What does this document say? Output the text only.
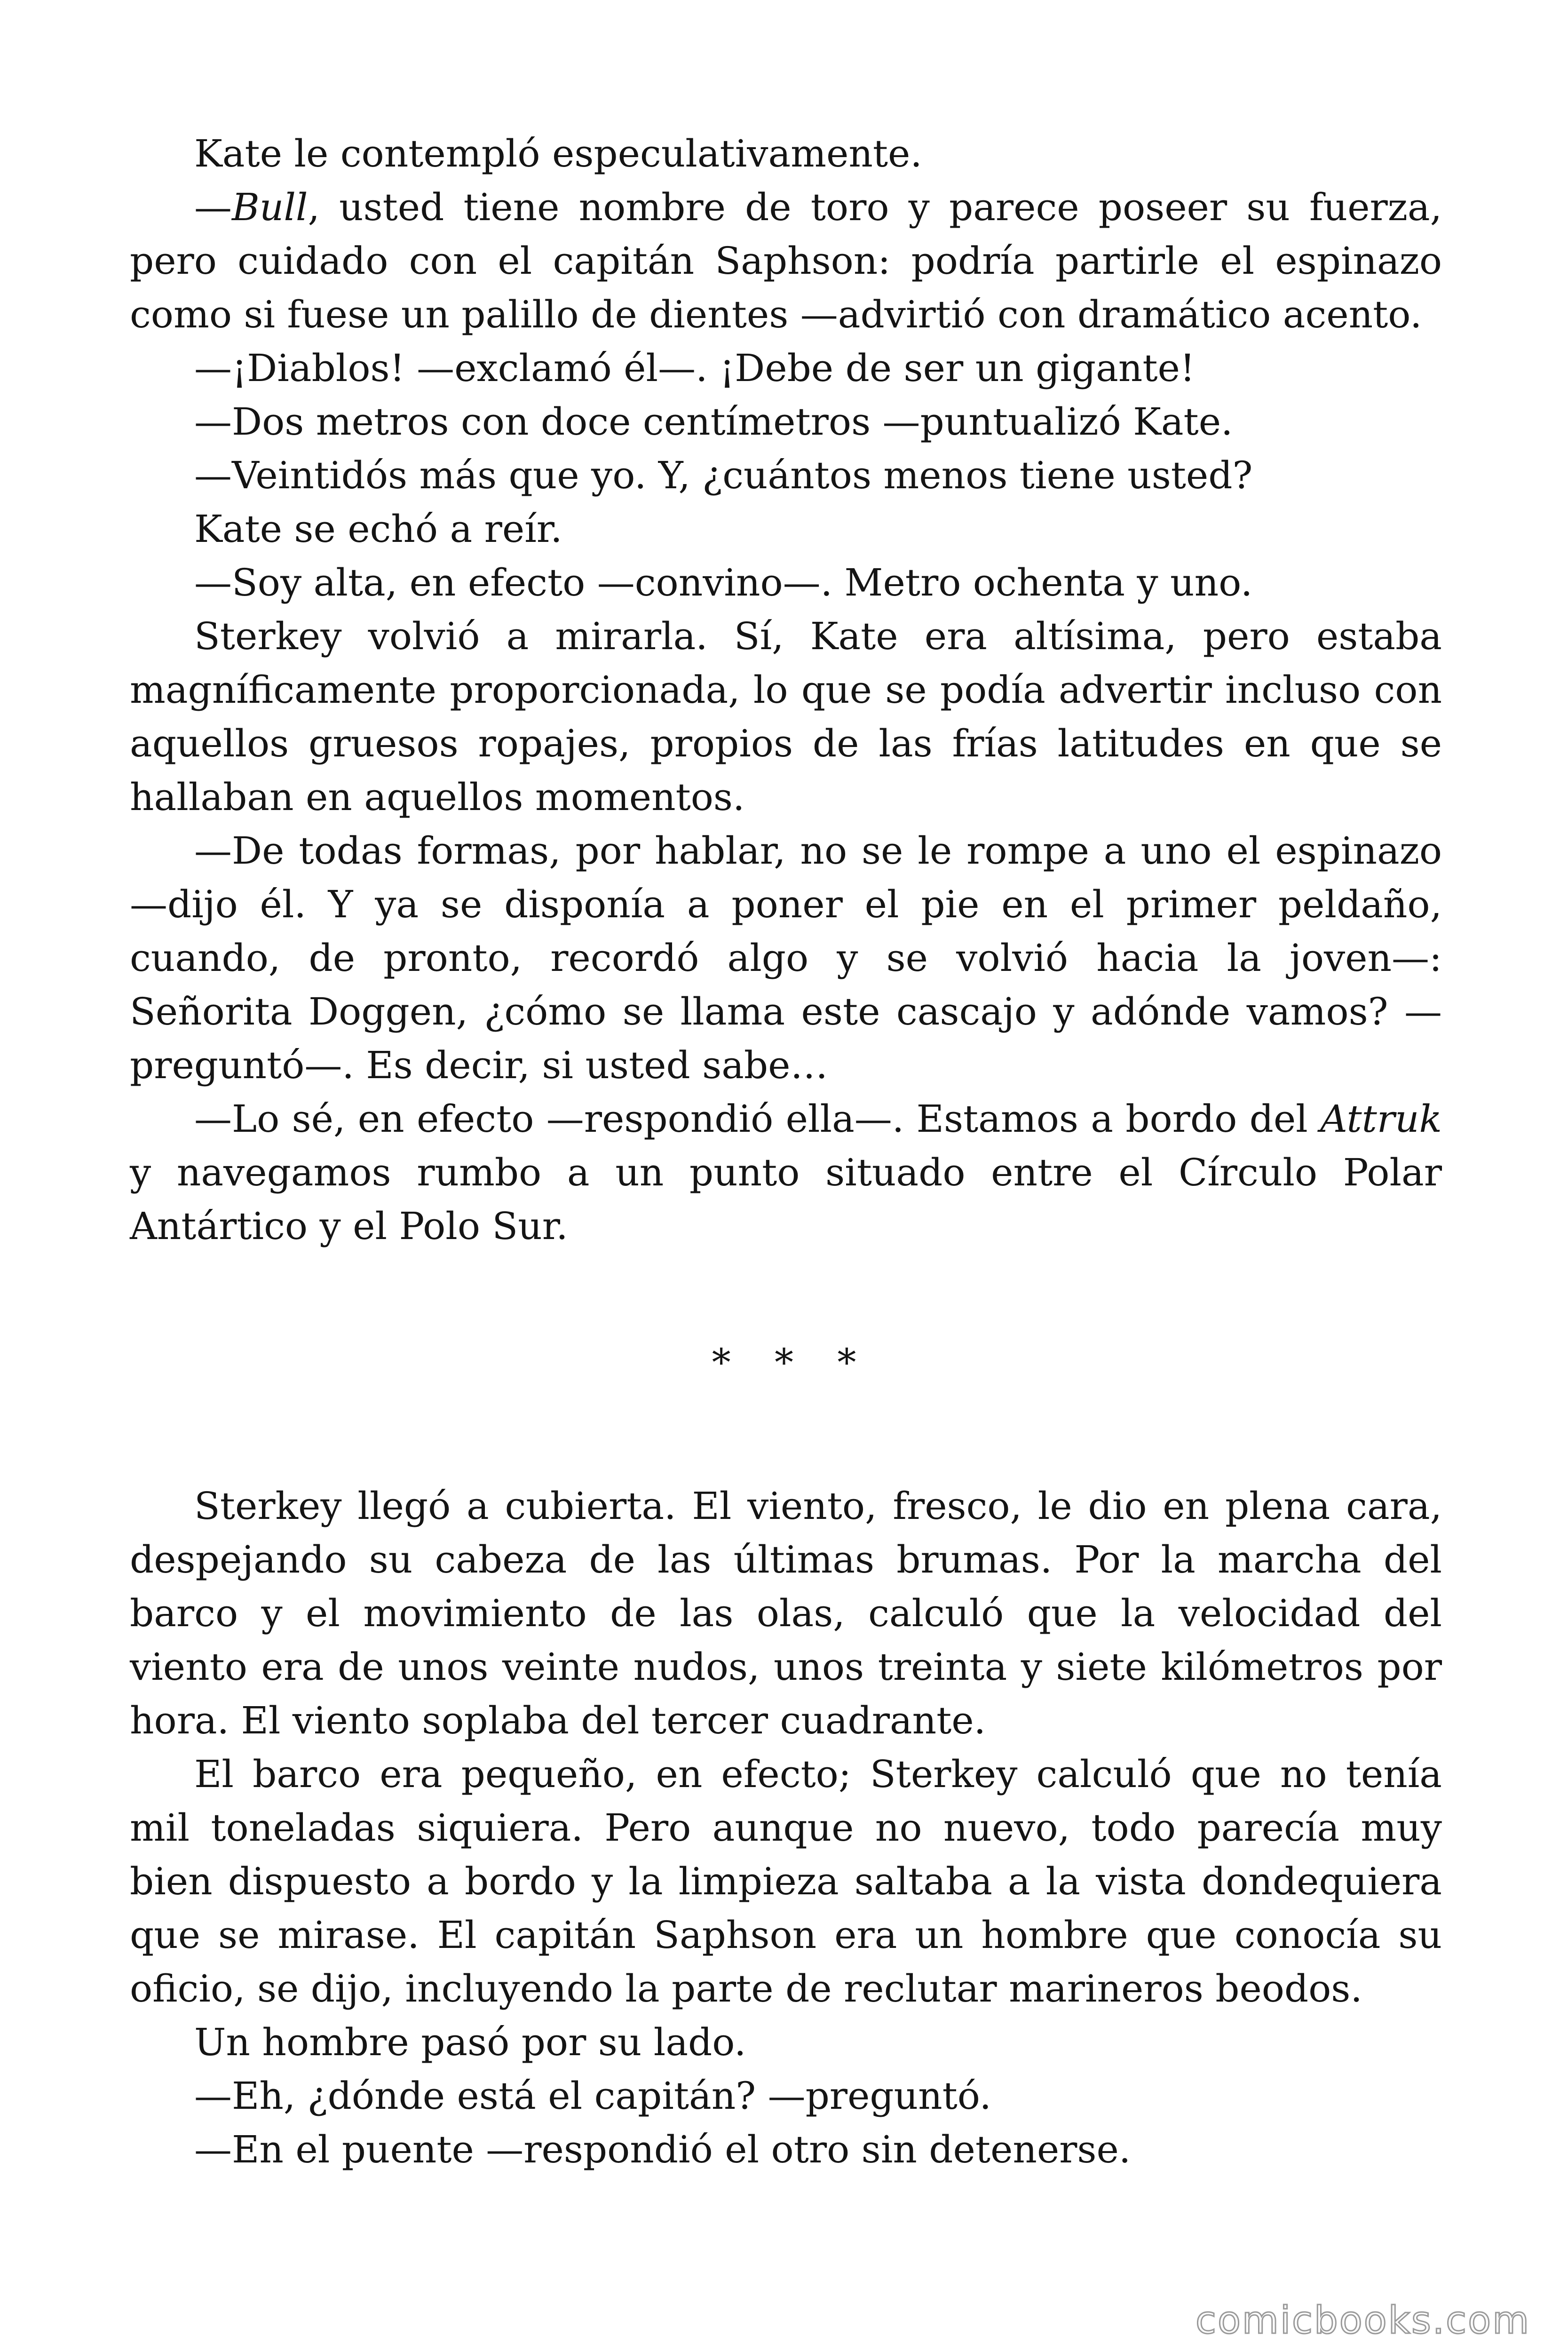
Kate le contempló especulativamente.

—Bull, usted tiene nombre de toro y parece poseer su fuerza, pero cuidado con el capitán Saphson: podría partirle el espinazo como si fuese un palillo de dientes —advirtió con dramático acento.

—¡Diablos! —exclamó él—. ¡Debe de ser un gigante!

—Dos metros con doce centímetros —puntualizó Kate.

—Veintidós más que yo. Y, ¿cuántos menos tiene usted?

Kate se echó a reír.

—Soy alta, en efecto —convino—. Metro ochenta y uno.

Sterkey volvió a mirarla. Sí, Kate era altísima, pero estaba magníficamente proporcionada, lo que se podía advertir incluso con aquellos gruesos ropajes, propios de las frías latitudes en que se hallaban en aquellos momentos.

—De todas formas, por hablar, no se le rompe a uno el espinazo —dijo él. Y ya se disponía a poner el pie en el primer peldaño, cuando, de pronto, recordó algo y se volvió hacia la joven—: Señorita Doggen, ¿cómo se llama este cascajo y adónde vamos? —preguntó—. Es decir, si usted sabe…

—Lo sé, en efecto —respondió ella—. Estamos a bordo del Attruk y navegamos rumbo a un punto situado entre el Círculo Polar Antártico y el Polo Sur.

* * *

Sterkey llegó a cubierta. El viento, fresco, le dio en plena cara, despejando su cabeza de las últimas brumas. Por la marcha del barco y el movimiento de las olas, calculó que la velocidad del viento era de unos veinte nudos, unos treinta y siete kilómetros por hora. El viento soplaba del tercer cuadrante.

El barco era pequeño, en efecto; Sterkey calculó que no tenía mil toneladas siquiera. Pero aunque no nuevo, todo parecía muy bien dispuesto a bordo y la limpieza saltaba a la vista dondequiera que se mirase. El capitán Saphson era un hombre que conocía su oficio, se dijo, incluyendo la parte de reclutar marineros beodos.

Un hombre pasó por su lado.

—Eh, ¿dónde está el capitán? —preguntó.

—En el puente —respondió el otro sin detenerse.

comicbooks.com
